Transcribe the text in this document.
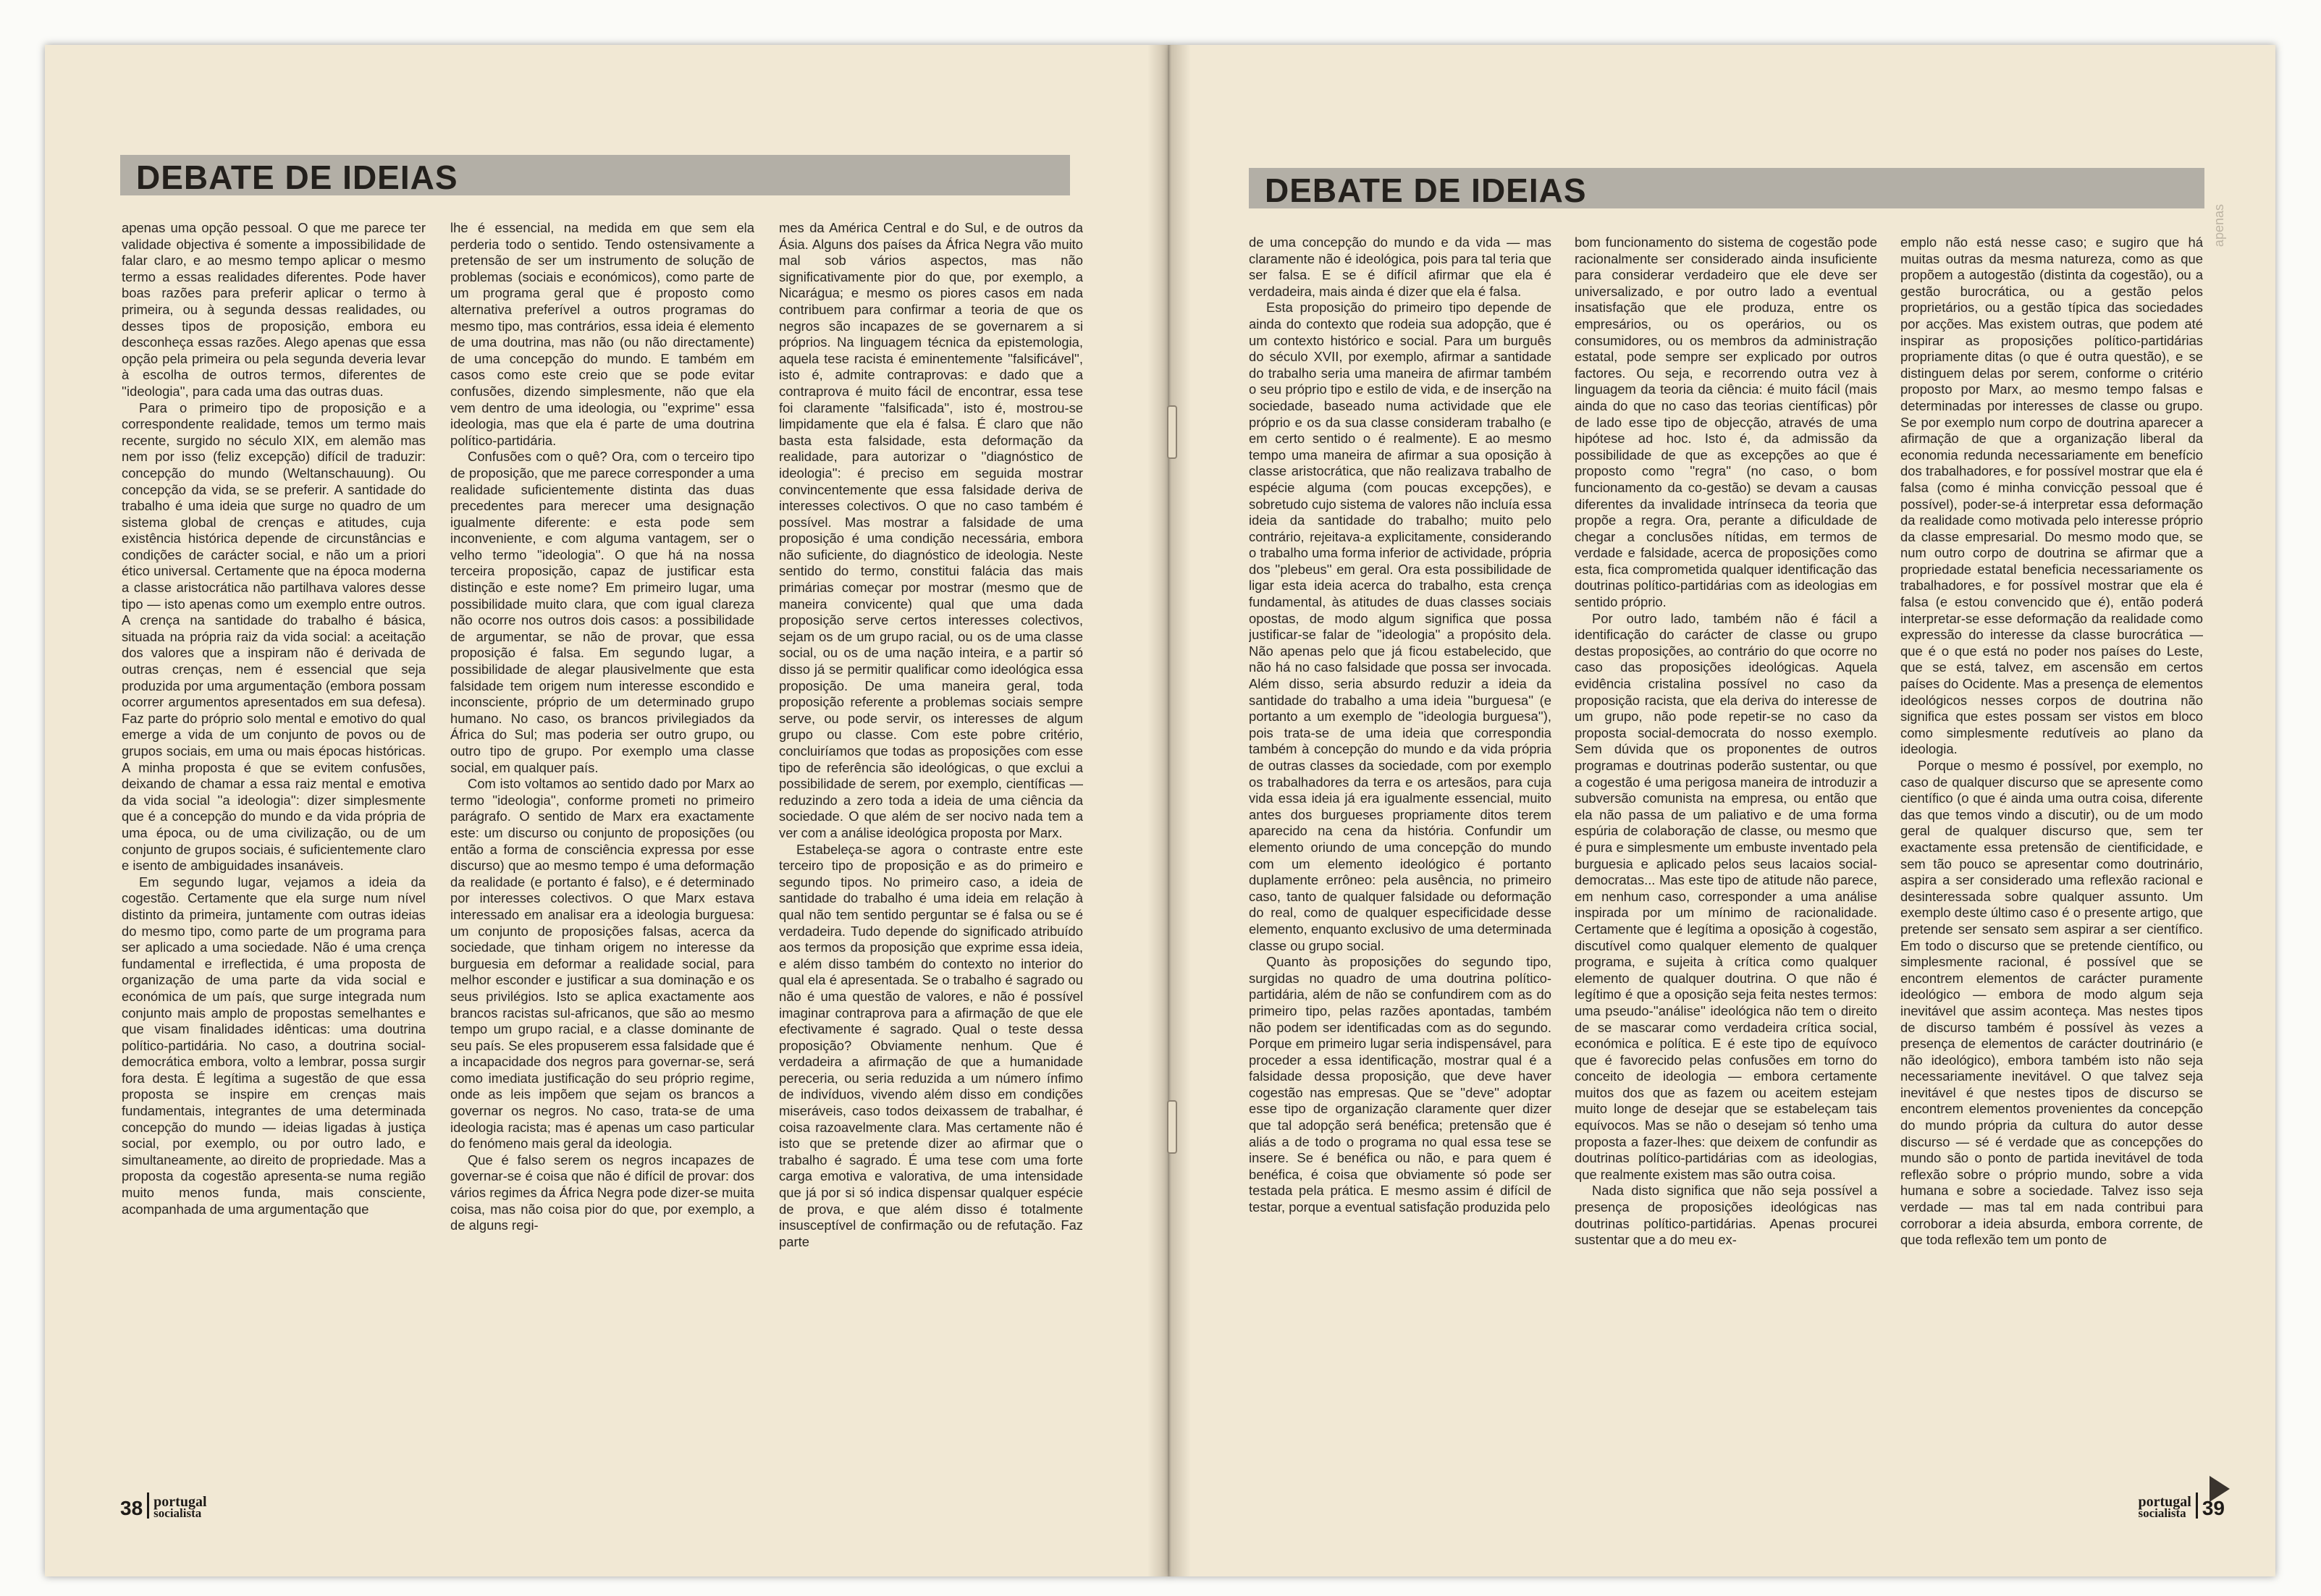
DEBATE DE IDEIAS

apenas uma opção pessoal. O que me parece ter validade objectiva é somente a impossibilidade de falar claro, e ao mesmo tempo aplicar o mesmo termo a essas realidades diferentes. Pode haver boas razões para preferir aplicar o termo à primeira, ou à segunda dessas realidades, ou desses tipos de proposição, embora eu desconheça essas razões. Alego apenas que essa opção pela primeira ou pela segunda deveria levar à escolha de outros termos, diferentes de ''ideologia'', para cada uma das outras duas.

Para o primeiro tipo de proposição e a correspondente realidade, temos um termo mais recente, surgido no século XIX, em alemão mas nem por isso (feliz excepção) difícil de traduzir: concepção do mundo (Weltanschauung). Ou concepção da vida, se se preferir. A santidade do trabalho é uma ideia que surge no quadro de um sistema global de crenças e atitudes, cuja existência histórica depende de circunstâncias e condições de carácter social, e não um a priori ético universal. Certamente que na época moderna a classe aristocrática não partilhava valores desse tipo — isto apenas como um exemplo entre outros. A crença na santidade do trabalho é básica, situada na própria raiz da vida social: a aceitação dos valores que a inspiram não é derivada de outras crenças, nem é essencial que seja produzida por uma argumentação (embora possam ocorrer argumentos apresentados em sua defesa). Faz parte do próprio solo mental e emotivo do qual emerge a vida de um conjunto de povos ou de grupos sociais, em uma ou mais épocas históricas. A minha proposta é que se evitem confusões, deixando de chamar a essa raiz mental e emotiva da vida social ''a ideologia'': dizer simplesmente que é a concepção do mundo e da vida própria de uma época, ou de uma civilização, ou de um conjunto de grupos sociais, é suficientemente claro e isento de ambiguidades insanáveis.

Em segundo lugar, vejamos a ideia da cogestão. Certamente que ela surge num nível distinto da primeira, juntamente com outras ideias do mesmo tipo, como parte de um programa para ser aplicado a uma sociedade. Não é uma crença fundamental e irreflectida, é uma proposta de organização de uma parte da vida social e económica de um país, que surge integrada num conjunto mais amplo de propostas semelhantes e que visam finalidades idênticas: uma doutrina político-partidária. No caso, a doutrina social-democrática embora, volto a lembrar, possa surgir fora desta. É legítima a sugestão de que essa proposta se inspire em crenças mais fundamentais, integrantes de uma determinada concepção do mundo — ideias ligadas à justiça social, por exemplo, ou por outro lado, e simultaneamente, ao direito de propriedade. Mas a proposta da cogestão apresenta-se numa região muito menos funda, mais consciente, acompanhada de uma argumentação que

lhe é essencial, na medida em que sem ela perderia todo o sentido. Tendo ostensivamente a pretensão de ser um instrumento de solução de problemas (sociais e económicos), como parte de um programa geral que é proposto como alternativa preferível a outros programas do mesmo tipo, mas contrários, essa ideia é elemento de uma doutrina, mas não (ou não directamente) de uma concepção do mundo. E também em casos como este creio que se pode evitar confusões, dizendo simplesmente, não que ela vem dentro de uma ideologia, ou ''exprime'' essa ideologia, mas que ela é parte de uma doutrina político-partidária.

Confusões com o quê? Ora, com o terceiro tipo de proposição, que me parece corresponder a uma realidade suficientemente distinta das duas precedentes para merecer uma designação igualmente diferente: e esta pode sem inconveniente, e com alguma vantagem, ser o velho termo ''ideologia''. O que há na nossa terceira proposição, capaz de justificar esta distinção e este nome? Em primeiro lugar, uma possibilidade muito clara, que com igual clareza não ocorre nos outros dois casos: a possibilidade de argumentar, se não de provar, que essa proposição é falsa. Em segundo lugar, a possibilidade de alegar plausivelmente que esta falsidade tem origem num interesse escondido e inconsciente, próprio de um determinado grupo humano. No caso, os brancos privilegiados da África do Sul; mas poderia ser outro grupo, ou outro tipo de grupo. Por exemplo uma classe social, em qualquer país.

Com isto voltamos ao sentido dado por Marx ao termo ''ideologia'', conforme prometi no primeiro parágrafo. O sentido de Marx era exactamente este: um discurso ou conjunto de proposições (ou então a forma de consciência expressa por esse discurso) que ao mesmo tempo é uma deformação da realidade (e portanto é falso), e é determinado por interesses colectivos. O que Marx estava interessado em analisar era a ideologia burguesa: um conjunto de proposições falsas, acerca da sociedade, que tinham origem no interesse da burguesia em deformar a realidade social, para melhor esconder e justificar a sua dominação e os seus privilégios. Isto se aplica exactamente aos brancos racistas sul-africanos, que são ao mesmo tempo um grupo racial, e a classe dominante de seu país. Se eles propuserem essa falsidade que é a incapacidade dos negros para governar-se, será como imediata justificação do seu próprio regime, onde as leis impõem que sejam os brancos a governar os negros. No caso, trata-se de uma ideologia racista; mas é apenas um caso particular do fenómeno mais geral da ideologia.

Que é falso serem os negros incapazes de governar-se é coisa que não é difícil de provar: dos vários regimes da África Negra pode dizer-se muita coisa, mas não coisa pior do que, por exemplo, a de alguns regi-

mes da América Central e do Sul, e de outros da Ásia. Alguns dos países da África Negra vão muito mal sob vários aspectos, mas não significativamente pior do que, por exemplo, a Nicarágua; e mesmo os piores casos em nada contribuem para confirmar a teoria de que os negros são incapazes de se governarem a si próprios. Na linguagem técnica da epistemologia, aquela tese racista é eminentemente ''falsificável'', isto é, admite contraprovas: e dado que a contraprova é muito fácil de encontrar, essa tese foi claramente ''falsificada'', isto é, mostrou-se limpidamente que ela é falsa. É claro que não basta esta falsidade, esta deformação da realidade, para autorizar o ''diagnóstico de ideologia'': é preciso em seguida mostrar convincentemente que essa falsidade deriva de interesses colectivos. O que no caso também é possível. Mas mostrar a falsidade de uma proposição é uma condição necessária, embora não suficiente, do diagnóstico de ideologia. Neste sentido do termo, constitui falácia das mais primárias começar por mostrar (mesmo que de maneira convicente) qual que uma dada proposição serve certos interesses colectivos, sejam os de um grupo racial, ou os de uma classe social, ou os de uma nação inteira, e a partir só disso já se permitir qualificar como ideológica essa proposição. De uma maneira geral, toda proposição referente a problemas sociais sempre serve, ou pode servir, os interesses de algum grupo ou classe. Com este pobre critério, concluiríamos que todas as proposições com esse tipo de referência são ideológicas, o que exclui a possibilidade de serem, por exemplo, científicas — reduzindo a zero toda a ideia de uma ciência da sociedade. O que além de ser nocivo nada tem a ver com a análise ideológica proposta por Marx.

Estabeleça-se agora o contraste entre este terceiro tipo de proposição e as do primeiro e segundo tipos. No primeiro caso, a ideia de santidade do trabalho é uma ideia em relação à qual não tem sentido perguntar se é falsa ou se é verdadeira. Tudo depende do significado atribuído aos termos da proposição que exprime essa ideia, e além disso também do contexto no interior do qual ela é apresentada. Se o trabalho é sagrado ou não é uma questão de valores, e não é possível imaginar contraprova para a afirmação de que ele efectivamente é sagrado. Qual o teste dessa proposição? Obviamente nenhum. Que é verdadeira a afirmação de que a humanidade pereceria, ou seria reduzida a um número ínfimo de indivíduos, vivendo além disso em condições miseráveis, caso todos deixassem de trabalhar, é coisa razoavelmente clara. Mas certamente não é isto que se pretende dizer ao afirmar que o trabalho é sagrado. É uma tese com uma forte carga emotiva e valorativa, de uma intensidade que já por si só indica dispensar qualquer espécie de prova, e que além disso é totalmente insusceptível de confirmação ou de refutação. Faz parte

38 portugal
socialista
DEBATE DE IDEIAS
apenas

de uma concepção do mundo e da vida — mas claramente não é ideológica, pois para tal teria que ser falsa. E se é difícil afirmar que ela é verdadeira, mais ainda é dizer que ela é falsa.

Esta proposição do primeiro tipo depende de ainda do contexto que rodeia sua adopção, que é um contexto histórico e social. Para um burguês do século XVII, por exemplo, afirmar a santidade do trabalho seria uma maneira de afirmar também o seu próprio tipo e estilo de vida, e de inserção na sociedade, baseado numa actividade que ele próprio e os da sua classe consideram trabalho (e em certo sentido o é realmente). E ao mesmo tempo uma maneira de afirmar a sua oposição à classe aristocrática, que não realizava trabalho de espécie alguma (com poucas excepções), e sobretudo cujo sistema de valores não incluía essa ideia da santidade do trabalho; muito pelo contrário, rejeitava-a explicitamente, considerando o trabalho uma forma inferior de actividade, própria dos ''plebeus'' em geral. Ora esta possibilidade de ligar esta ideia acerca do trabalho, esta crença fundamental, às atitudes de duas classes sociais opostas, de modo algum significa que possa justificar-se falar de ''ideologia'' a propósito dela. Não apenas pelo que já ficou estabelecido, que não há no caso falsidade que possa ser invocada. Além disso, seria absurdo reduzir a ideia da santidade do trabalho a uma ideia ''burguesa'' (e portanto a um exemplo de ''ideologia burguesa''), pois trata-se de uma ideia que correspondia também à concepção do mundo e da vida própria de outras classes da sociedade, com por exemplo os trabalhadores da terra e os artesãos, para cuja vida essa ideia já era igualmente essencial, muito antes dos burgueses propriamente ditos terem aparecido na cena da história. Confundir um elemento oriundo de uma concepção do mundo com um elemento ideológico é portanto duplamente errôneo: pela ausência, no primeiro caso, tanto de qualquer falsidade ou deformação do real, como de qualquer especificidade desse elemento, enquanto exclusivo de uma determinada classe ou grupo social.

Quanto às proposições do segundo tipo, surgidas no quadro de uma doutrina político-partidária, além de não se confundirem com as do primeiro tipo, pelas razões apontadas, também não podem ser identificadas com as do segundo. Porque em primeiro lugar seria indispensável, para proceder a essa identificação, mostrar qual é a falsidade dessa proposição, que deve haver cogestão nas empresas. Que se ''deve'' adoptar esse tipo de organização claramente quer dizer que tal adopção será benéfica; pretensão que é aliás a de todo o programa no qual essa tese se insere. Se é benéfica ou não, e para quem é benéfica, é coisa que obviamente só pode ser testada pela prática. E mesmo assim é difícil de testar, porque a eventual satisfação produzida pelo

bom funcionamento do sistema de cogestão pode racionalmente ser considerado ainda insuficiente para considerar verdadeiro que ele deve ser universalizado, e por outro lado a eventual insatisfação que ele produza, entre os empresários, ou os operários, ou os consumidores, ou os membros da administração estatal, pode sempre ser explicado por outros factores. Ou seja, e recorrendo outra vez à linguagem da teoria da ciência: é muito fácil (mais ainda do que no caso das teorias científicas) pôr de lado esse tipo de objecção, através de uma hipótese ad hoc. Isto é, da admissão da possibilidade de que as excepções ao que é proposto como ''regra'' (no caso, o bom funcionamento da co-gestão) se devam a causas diferentes da invalidade intrínseca da teoria que propõe a regra. Ora, perante a dificuldade de chegar a conclusões nítidas, em termos de verdade e falsidade, acerca de proposições como esta, fica comprometida qualquer identificação das doutrinas político-partidárias com as ideologias em sentido próprio.

Por outro lado, também não é fácil a identificação do carácter de classe ou grupo destas proposições, ao contrário do que ocorre no caso das proposições ideológicas. Aquela evidência cristalina possível no caso da proposição racista, que ela deriva do interesse de um grupo, não pode repetir-se no caso da proposta social-democrata do nosso exemplo. Sem dúvida que os proponentes de outros programas e doutrinas poderão sustentar, ou que a cogestão é uma perigosa maneira de introduzir a subversão comunista na empresa, ou então que ela não passa de um paliativo e de uma forma espúria de colaboração de classe, ou mesmo que é pura e simplesmente um embuste inventado pela burguesia e aplicado pelos seus lacaios social-democratas... Mas este tipo de atitude não parece, em nenhum caso, corresponder a uma análise inspirada por um mínimo de racionalidade. Certamente que é legítima a oposição à cogestão, discutível como qualquer elemento de qualquer programa, e sujeita à crítica como qualquer elemento de qualquer doutrina. O que não é legítimo é que a oposição seja feita nestes termos: uma pseudo-''análise'' ideológica não tem o direito de se mascarar como verdadeira crítica social, económica e política. E é este tipo de equívoco que é favorecido pelas confusões em torno do conceito de ideologia — embora certamente muitos dos que as fazem ou aceitem estejam muito longe de desejar que se estabeleçam tais equívocos. Mas se não o desejam só tenho uma proposta a fazer-lhes: que deixem de confundir as doutrinas político-partidárias com as ideologias, que realmente existem mas são outra coisa.

Nada disto significa que não seja possível a presença de proposições ideológicas nas doutrinas político-partidárias. Apenas procurei sustentar que a do meu ex-

emplo não está nesse caso; e sugiro que há muitas outras da mesma natureza, como as que propõem a autogestão (distinta da cogestão), ou a gestão burocrática, ou a gestão pelos proprietários, ou a gestão típica das sociedades por acções. Mas existem outras, que podem até inspirar as proposições político-partidárias propriamente ditas (o que é outra questão), e se distinguem delas por serem, conforme o critério proposto por Marx, ao mesmo tempo falsas e determinadas por interesses de classe ou grupo. Se por exemplo num corpo de doutrina aparecer a afirmação de que a organização liberal da economia redunda necessariamente em benefício dos trabalhadores, e for possível mostrar que ela é falsa (como é minha convicção pessoal que é possível), poder-se-á interpretar essa deformação da realidade como motivada pelo interesse próprio da classe empresarial. Do mesmo modo que, se num outro corpo de doutrina se afirmar que a propriedade estatal beneficia necessariamente os trabalhadores, e for possível mostrar que ela é falsa (e estou convencido que é), então poderá interpretar-se esse deformação da realidade como expressão do interesse da classe burocrática — que é o que está no poder nos países do Leste, que se está, talvez, em ascensão em certos países do Ocidente. Mas a presença de elementos ideológicos nesses corpos de doutrina não significa que estes possam ser vistos em bloco como simplesmente redutíveis ao plano da ideologia.

Porque o mesmo é possível, por exemplo, no caso de qualquer discurso que se apresente como científico (o que é ainda uma outra coisa, diferente das que temos vindo a discutir), ou de um modo geral de qualquer discurso que, sem ter exactamente essa pretensão de cientificidade, e sem tão pouco se apresentar como doutrinário, aspira a ser considerado uma reflexão racional e desinteressada sobre qualquer assunto. Um exemplo deste último caso é o presente artigo, que pretende ser sensato sem aspirar a ser científico. Em todo o discurso que se pretende científico, ou simplesmente racional, é possível que se encontrem elementos de carácter puramente ideológico — embora de modo algum seja inevitável que assim aconteça. Mas nestes tipos de discurso também é possível às vezes a presença de elementos de carácter doutrinário (e não ideológico), embora também isto não seja necessariamente inevitável. O que talvez seja inevitável é que nestes tipos de discurso se encontrem elementos provenientes da concepção do mundo própria da cultura do autor desse discurso — sé é verdade que as concepções do mundo são o ponto de partida inevitável de toda reflexão sobre o próprio mundo, sobre a vida humana e sobre a sociedade. Talvez isso seja verdade — mas tal em nada contribui para corroborar a ideia absurda, embora corrente, de que toda reflexão tem um ponto de

portugal
socialista 39
